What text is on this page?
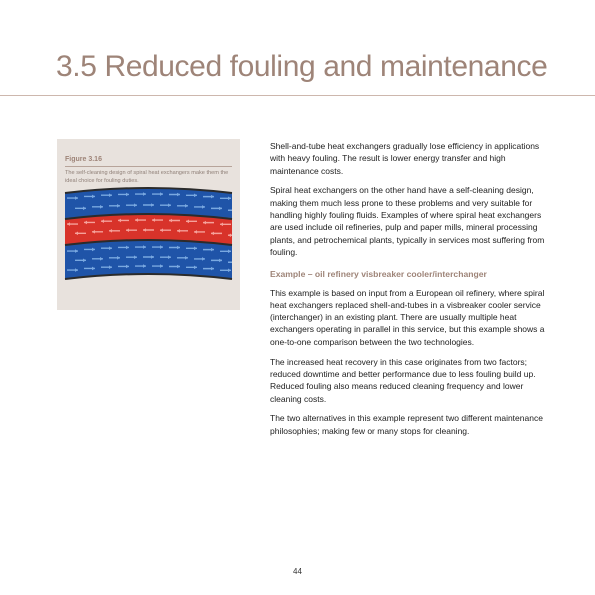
3.5 Reduced fouling and maintenance
Figure 3.16
The self-cleaning design of spiral heat exchangers make them the ideal choice for fouling duties.

Shell-and-tube heat exchangers gradually lose efficiency in applications with heavy fouling. The result is lower energy transfer and high maintenance costs.

Spiral heat exchangers on the other hand have a self-cleaning design, making them much less prone to these problems and very suitable for handling highly fouling fluids. Examples of where spiral heat exchangers are used include oil refineries, pulp and paper mills, mineral processing plants, and petrochemical plants, typically in services most suffering from fouling.

Example – oil refinery visbreaker cooler/interchanger

This example is based on input from a European oil refinery, where spiral heat exchangers replaced shell-and-tubes in a visbreaker cooler service (interchanger) in an existing plant. There are usually multiple heat exchangers operating in parallel in this service, but this example shows a one-to-one comparison between the two technologies.

The increased heat recovery in this case originates from two factors; reduced downtime and better performance due to less fouling build up. Reduced fouling also means reduced cleaning frequency and lower cleaning costs.

The two alternatives in this example represent two different maintenance philosophies; making few or many stops for cleaning.

44
